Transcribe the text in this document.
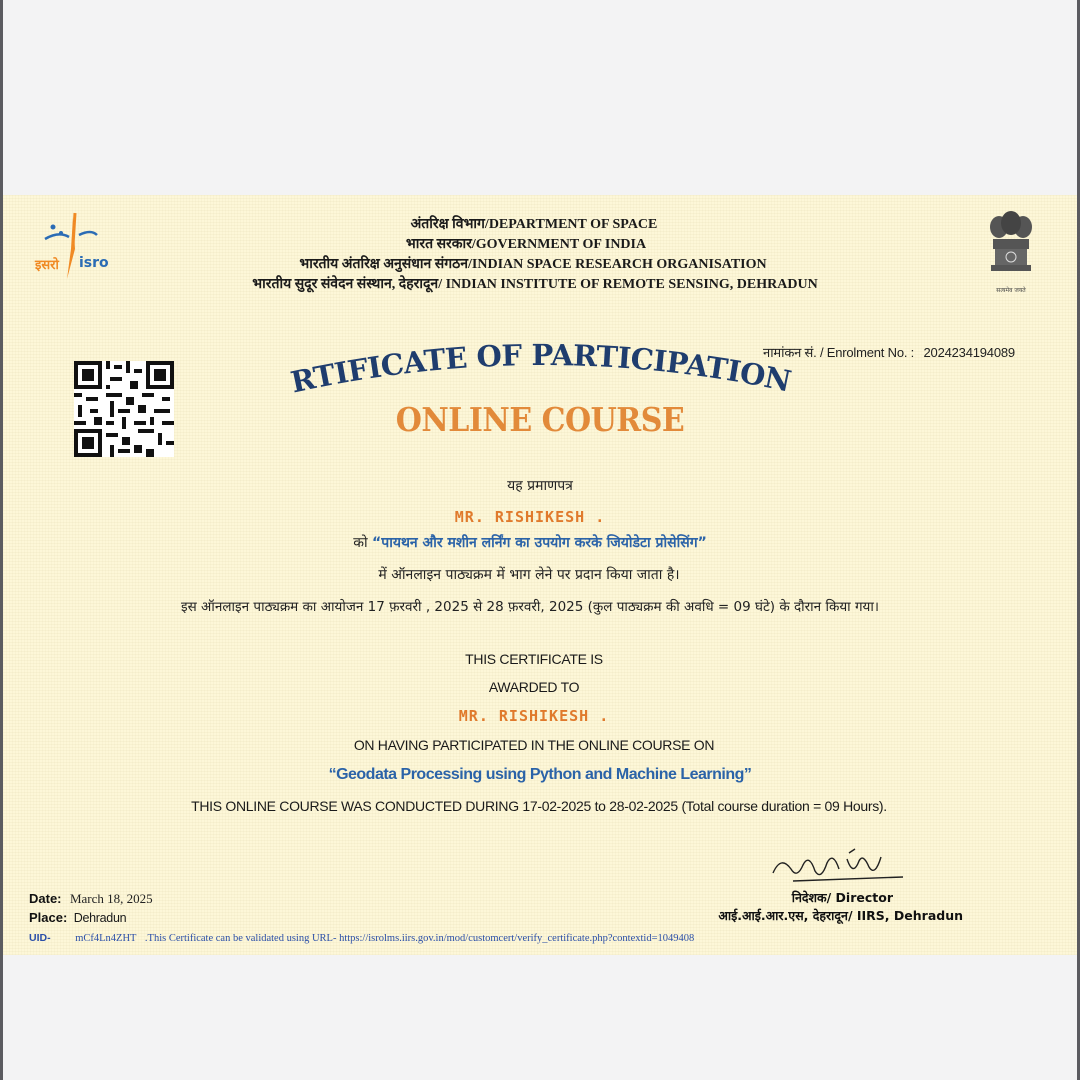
इसरो isro
अंतरिक्ष विभाग/DEPARTMENT OF SPACE
भारत सरकार/GOVERNMENT OF INDIA
भारतीय अंतरिक्ष अनुसंधान संगठन/INDIAN SPACE RESEARCH ORGANISATION
भारतीय सुदूर संवेदन संस्थान, देहरादून/ INDIAN INSTITUTE OF REMOTE SENSING, DEHRADUN	सत्यमेव जयते
नामांकन सं. / Enrolment No. : 2024234194089
RTIFICATE OF PARTICIPATION
ONLINE COURSE
यह प्रमाणपत्र
MR. RISHIKESH .
को “पायथन और मशीन लर्निंग का उपयोग करके जियोडेटा प्रोसेसिंग”
में ऑनलाइन पाठ्यक्रम में भाग लेने पर प्रदान किया जाता है।
इस ऑनलाइन पाठ्यक्रम का आयोजन 17 फ़रवरी , 2025 से 28 फ़रवरी, 2025 (कुल पाठ्यक्रम की अवधि = 09 घंटे) के दौरान किया गया।
THIS CERTIFICATE IS
AWARDED TO
MR. RISHIKESH .
ON HAVING PARTICIPATED IN THE ONLINE COURSE ON
“Geodata Processing using Python and Machine Learning”
THIS ONLINE COURSE WAS CONDUCTED DURING 17-02-2025 to 28-02-2025 (Total course duration = 09 Hours).
निदेशक/ Director
आई.आई.आर.एस, देहरादून/ IIRS, Dehradun
Date: March 18, 2025
Place: Dehradun
UID- mCf4Ln4ZHT .This Certificate can be validated using URL- https://isrolms.iirs.gov.in/mod/customcert/verify_certificate.php?contextid=1049408
